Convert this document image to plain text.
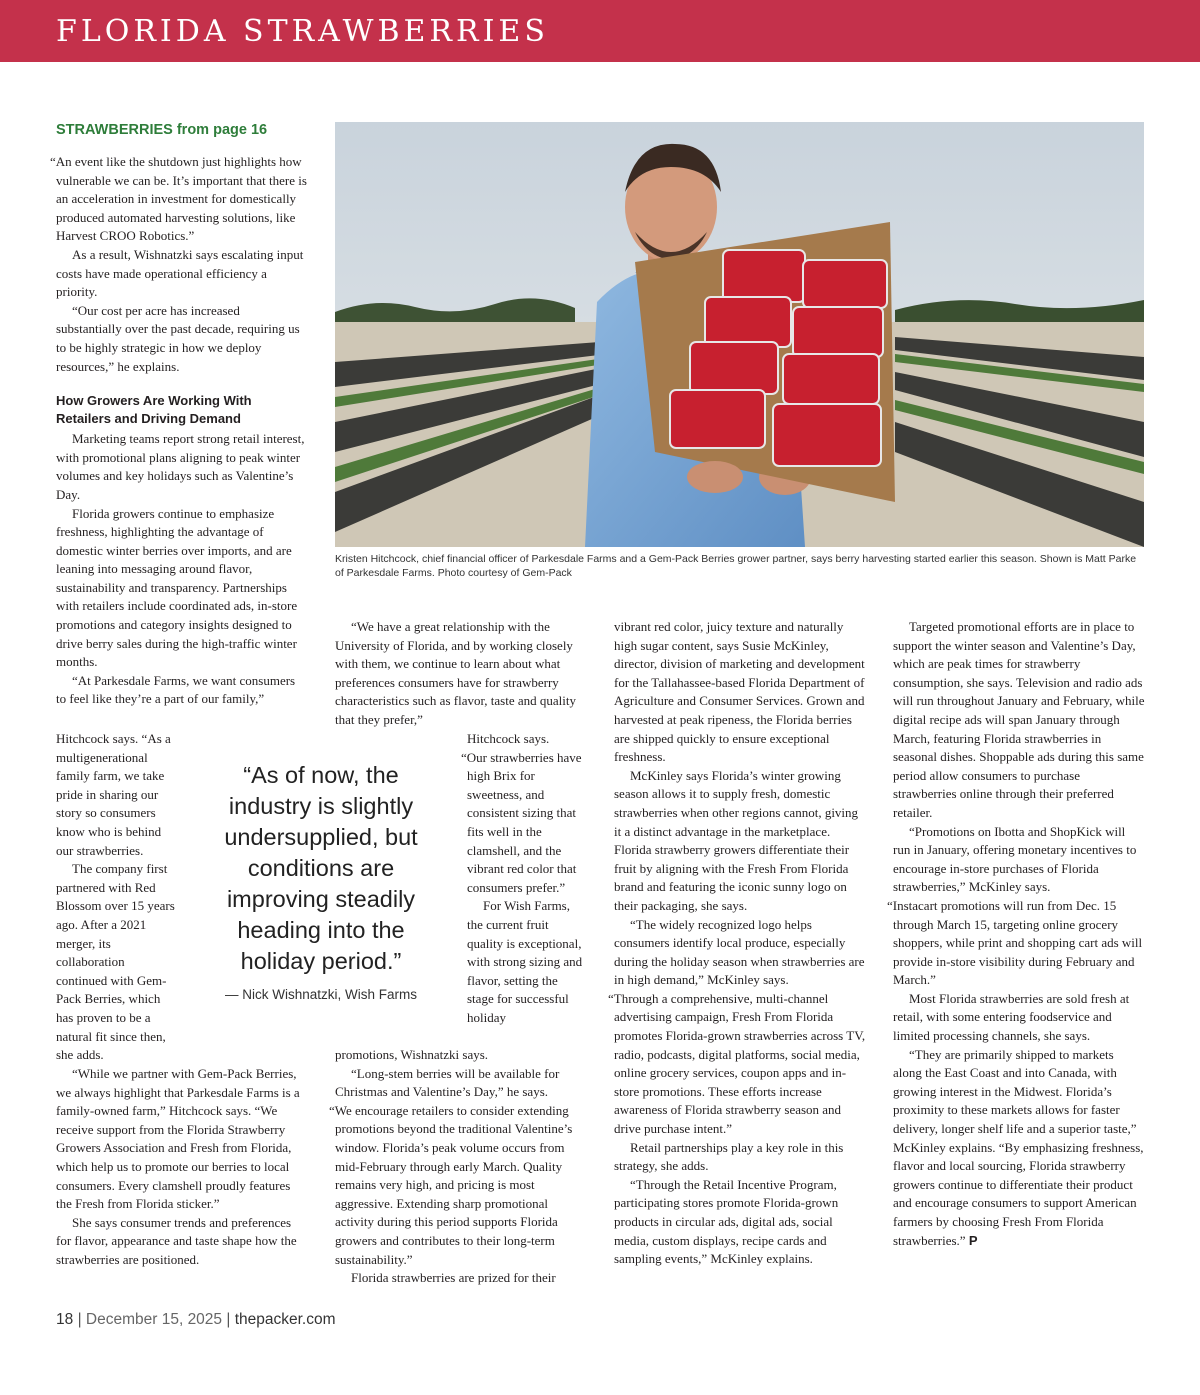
FLORIDA STRAWBERRIES
STRAWBERRIES from page 16

“An event like the shutdown just highlights how vulnerable we can be. It’s important that there is an acceleration in investment for domestically produced automated harvesting solutions, like Harvest CROO Robotics.”

As a result, Wishnatzki says escalating input costs have made operational efficiency a priority.

“Our cost per acre has increased substantially over the past decade, requiring us to be highly strategic in how we deploy resources,” he explains.

How Growers Are Working With Retailers and Driving Demand

Marketing teams report strong retail interest, with promotional plans aligning to peak winter volumes and key holidays such as Valentine’s Day.

Florida growers continue to emphasize freshness, highlighting the advantage of domestic winter berries over imports, and are leaning into messaging around flavor, sustainability and transparency. Partnerships with retailers include coordinated ads, in-store promotions and category insights designed to drive berry sales during the high-traffic winter months.

“At Parkesdale Farms, we want consumers to feel like they’re a part of our family,”

Hitchcock says. “As a multigenerational family farm, we take pride in sharing our story so consumers know who is behind our strawberries.

The company first partnered with Red Blossom over 15 years ago. After a 2021 merger, its collaboration continued with Gem-Pack Berries, which has proven to be a natural fit since then, she adds.

“While we partner with Gem-Pack Berries, we always highlight that Parkesdale Farms is a family-owned farm,” Hitchcock says. “We receive support from the Florida Strawberry Growers Association and Fresh from Florida, which help us to promote our berries to local consumers. Every clamshell proudly features the Fresh from Florida sticker.”

She says consumer trends and preferences for flavor, appearance and taste shape how the strawberries are positioned.

Kristen Hitchcock, chief financial officer of Parkesdale Farms and a Gem-Pack Berries grower partner, says berry harvesting started earlier this season. Shown is Matt Parke of Parkesdale Farms. Photo courtesy of Gem-Pack
“As of now, the industry is slightly undersupplied, but conditions are improving steadily heading into the holiday period.”
— Nick Wishnatzki, Wish Farms

“We have a great relationship with the University of Florida, and by working closely with them, we continue to learn about what preferences consumers have for strawberry characteristics such as flavor, taste and quality that they prefer,”

Hitchcock says.

“Our strawberries have high Brix for sweetness, and consistent sizing that fits well in the clamshell, and the vibrant red color that consumers prefer.”

For Wish Farms, the current fruit quality is exceptional, with strong sizing and flavor, setting the stage for successful holiday

promotions, Wishnatzki says.

“Long-stem berries will be available for Christmas and Valentine’s Day,” he says.

“We encourage retailers to consider extending promotions beyond the traditional Valentine’s window. Florida’s peak volume occurs from mid-February through early March. Quality remains very high, and pricing is most aggressive. Extending sharp promotional activity during this period supports Florida growers and contributes to their long-term sustainability.”

Florida strawberries are prized for their

vibrant red color, juicy texture and naturally high sugar content, says Susie McKinley, director, division of marketing and development for the Tallahassee-based Florida Department of Agriculture and Consumer Services. Grown and harvested at peak ripeness, the Florida berries are shipped quickly to ensure exceptional freshness.

McKinley says Florida’s winter growing season allows it to supply fresh, domestic strawberries when other regions cannot, giving it a distinct advantage in the marketplace. Florida strawberry growers differentiate their fruit by aligning with the Fresh From Florida brand and featuring the iconic sunny logo on their packaging, she says.

“The widely recognized logo helps consumers identify local produce, especially during the holiday season when strawberries are in high demand,” McKinley says.

“Through a comprehensive, multi-channel advertising campaign, Fresh From Florida promotes Florida-grown strawberries across TV, radio, podcasts, digital platforms, social media, online grocery services, coupon apps and in-store promotions. These efforts increase awareness of Florida strawberry season and drive purchase intent.”

Retail partnerships play a key role in this strategy, she adds.

“Through the Retail Incentive Program, participating stores promote Florida-grown products in circular ads, digital ads, social media, custom displays, recipe cards and sampling events,” McKinley explains.

Targeted promotional efforts are in place to support the winter season and Valentine’s Day, which are peak times for strawberry consumption, she says. Television and radio ads will run throughout January and February, while digital recipe ads will span January through March, featuring Florida strawberries in seasonal dishes. Shoppable ads during this same period allow consumers to purchase strawberries online through their preferred retailer.

“Promotions on Ibotta and ShopKick will run in January, offering monetary incentives to encourage in-store purchases of Florida strawberries,” McKinley says.

“Instacart promotions will run from Dec. 15 through March 15, targeting online grocery shoppers, while print and shopping cart ads will provide in-store visibility during February and March.”

Most Florida strawberries are sold fresh at retail, with some entering foodservice and limited processing channels, she says.

“They are primarily shipped to markets along the East Coast and into Canada, with growing interest in the Midwest. Florida’s proximity to these markets allows for faster delivery, longer shelf life and a superior taste,” McKinley explains. “By emphasizing freshness, flavor and local sourcing, Florida strawberry growers continue to differentiate their product and encourage consumers to support American farmers by choosing Fresh From Florida strawberries.” P

18 | December 15, 2025 | thepacker.com
